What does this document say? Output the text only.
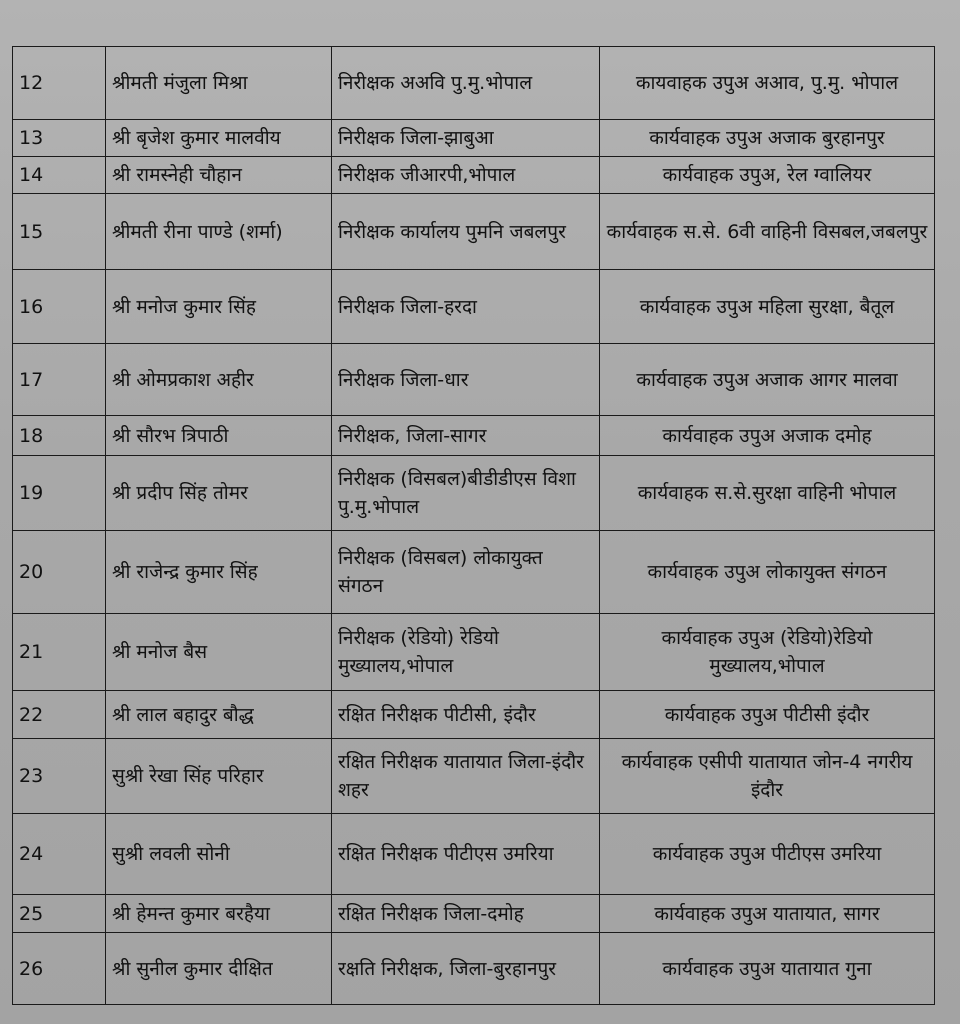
12	श्रीमती मंजुला मिश्रा	निरीक्षक अअवि पु.मु.भोपाल	कायवाहक उपुअ अआव, पु.मु. भोपाल
13	श्री बृजेश कुमार मालवीय	निरीक्षक जिला-झाबुआ	कार्यवाहक उपुअ अजाक बुरहानपुर
14	श्री रामस्नेही चौहान	निरीक्षक जीआरपी,भोपाल	कार्यवाहक उपुअ, रेल ग्वालियर
15	श्रीमती रीना पाण्डे (शर्मा)	निरीक्षक कार्यालय पुमनि जबलपुर	कार्यवाहक स.से. 6वी वाहिनी विसबल,जबलपुर
16	श्री मनोज कुमार सिंह	निरीक्षक जिला-हरदा	कार्यवाहक उपुअ महिला सुरक्षा, बैतूल
17	श्री ओमप्रकाश अहीर	निरीक्षक जिला-धार	कार्यवाहक उपुअ अजाक आगर मालवा
18	श्री सौरभ त्रिपाठी	निरीक्षक, जिला-सागर	कार्यवाहक उपुअ अजाक दमोह
19	श्री प्रदीप सिंह तोमर	निरीक्षक (विसबल)बीडीडीएस विशा पु.मु.भोपाल	कार्यवाहक स.से.सुरक्षा वाहिनी भोपाल
20	श्री राजेन्द्र कुमार सिंह	निरीक्षक (विसबल) लोकायुक्त संगठन	कार्यवाहक उपुअ लोकायुक्त संगठन
21	श्री मनोज बैस	निरीक्षक (रेडियो) रेडियो मुख्यालय,भोपाल	कार्यवाहक उपुअ (रेडियो)रेडियो मुख्यालय,भोपाल
22	श्री लाल बहादुर बौद्ध	रक्षित निरीक्षक पीटीसी, इंदौर	कार्यवाहक उपुअ पीटीसी इंदौर
23	सुश्री रेखा सिंह परिहार	रक्षित निरीक्षक यातायात जिला-इंदौर शहर	कार्यवाहक एसीपी यातायात जोन-4 नगरीय इंदौर
24	सुश्री लवली सोनी	रक्षित निरीक्षक पीटीएस उमरिया	कार्यवाहक उपुअ पीटीएस उमरिया
25	श्री हेमन्त कुमार बरहैया	रक्षित निरीक्षक जिला-दमोह	कार्यवाहक उपुअ यातायात, सागर
26	श्री सुनील कुमार दीक्षित	रक्षति निरीक्षक, जिला-बुरहानपुर	कार्यवाहक उपुअ यातायात गुना
